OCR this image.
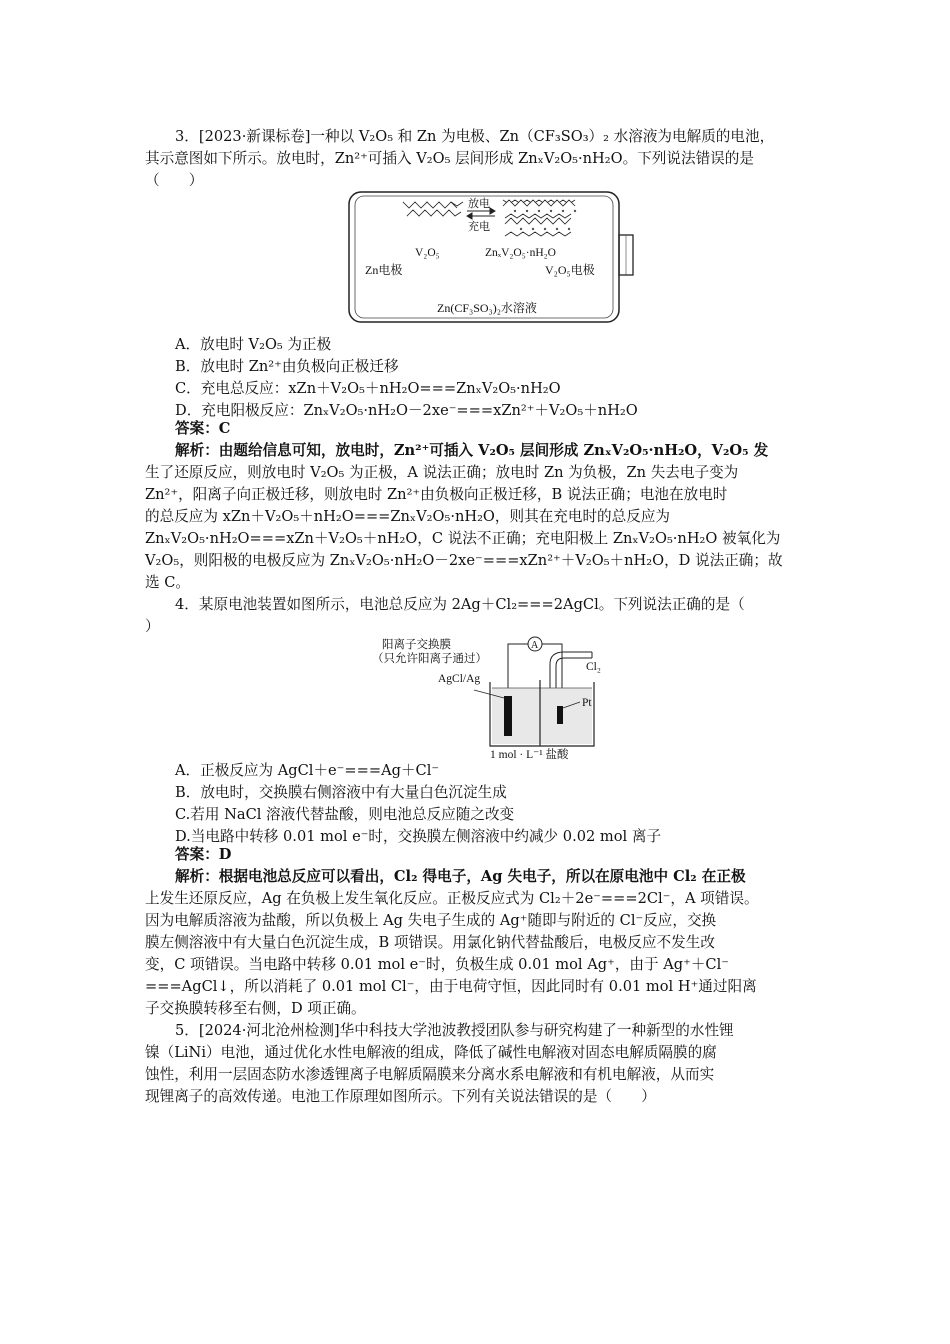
3．[2023·新课标卷]一种以 V₂O₅ 和 Zn 为电极、Zn（CF₃SO₃）₂ 水溶液为电解质的电池，

其示意图如下所示。放电时，Zn²⁺可插入 V₂O₅ 层间形成 ZnₓV₂O₅·nH₂O。下列说法错误的是

（　　）

放电
充电
V₂O₅	ZnₓV₂O₅·nH₂O
Zn电极	V₂O₅电极
Zn(CF₃SO₃)₂水溶液

A．放电时 V₂O₅ 为正极

B．放电时 Zn²⁺由负极向正极迁移

C．充电总反应：xZn＋V₂O₅＋nH₂O===ZnₓV₂O₅·nH₂O

D．充电阳极反应：ZnₓV₂O₅·nH₂O－2xe⁻===xZn²⁺＋V₂O₅＋nH₂O

答案：C

解析：由题给信息可知，放电时，Zn²⁺可插入 V₂O₅ 层间形成 ZnₓV₂O₅·nH₂O，V₂O₅ 发

生了还原反应，则放电时 V₂O₅ 为正极，A 说法正确；放电时 Zn 为负极，Zn 失去电子变为

Zn²⁺，阳离子向正极迁移，则放电时 Zn²⁺由负极向正极迁移，B 说法正确；电池在放电时

的总反应为 xZn＋V₂O₅＋nH₂O===ZnₓV₂O₅·nH₂O，则其在充电时的总反应为

ZnₓV₂O₅·nH₂O===xZn＋V₂O₅＋nH₂O，C 说法不正确；充电阳极上 ZnₓV₂O₅·nH₂O 被氧化为

V₂O₅，则阳极的电极反应为 ZnₓV₂O₅·nH₂O－2xe⁻===xZn²⁺＋V₂O₅＋nH₂O，D 说法正确；故

选 C。

4．某原电池装置如图所示，电池总反应为 2Ag＋Cl₂===2AgCl。下列说法正确的是（

）

阳离子交换膜
（只允许阳离子通过）
AgCl/Ag
A
Cl₂
Pt
1 mol · L⁻¹ 盐酸

A．正极反应为 AgCl＋e⁻===Ag＋Cl⁻

B．放电时，交换膜右侧溶液中有大量白色沉淀生成

C.若用 NaCl 溶液代替盐酸，则电池总反应随之改变

D.当电路中转移 0.01 mol e⁻时，交换膜左侧溶液中约减少 0.02 mol 离子

答案：D

解析：根据电池总反应可以看出，Cl₂ 得电子，Ag 失电子，所以在原电池中 Cl₂ 在正极

上发生还原反应，Ag 在负极上发生氧化反应。正极反应式为 Cl₂＋2e⁻===2Cl⁻，A 项错误。

因为电解质溶液为盐酸，所以负极上 Ag 失电子生成的 Ag⁺随即与附近的 Cl⁻反应，交换

膜左侧溶液中有大量白色沉淀生成，B 项错误。用氯化钠代替盐酸后，电极反应不发生改

变，C 项错误。当电路中转移 0.01 mol e⁻时，负极生成 0.01 mol Ag⁺，由于 Ag⁺＋Cl⁻

===AgCl↓，所以消耗了 0.01 mol Cl⁻，由于电荷守恒，因此同时有 0.01 mol H⁺通过阳离

子交换膜转移至右侧，D 项正确。

5．[2024·河北沧州检测]华中科技大学池波教授团队参与研究构建了一种新型的水性锂

镍（LiNi）电池，通过优化水性电解液的组成，降低了碱性电解液对固态电解质隔膜的腐

蚀性，利用一层固态防水渗透锂离子电解质隔膜来分离水系电解液和有机电解液，从而实

现锂离子的高效传递。电池工作原理如图所示。下列有关说法错误的是（　　）
